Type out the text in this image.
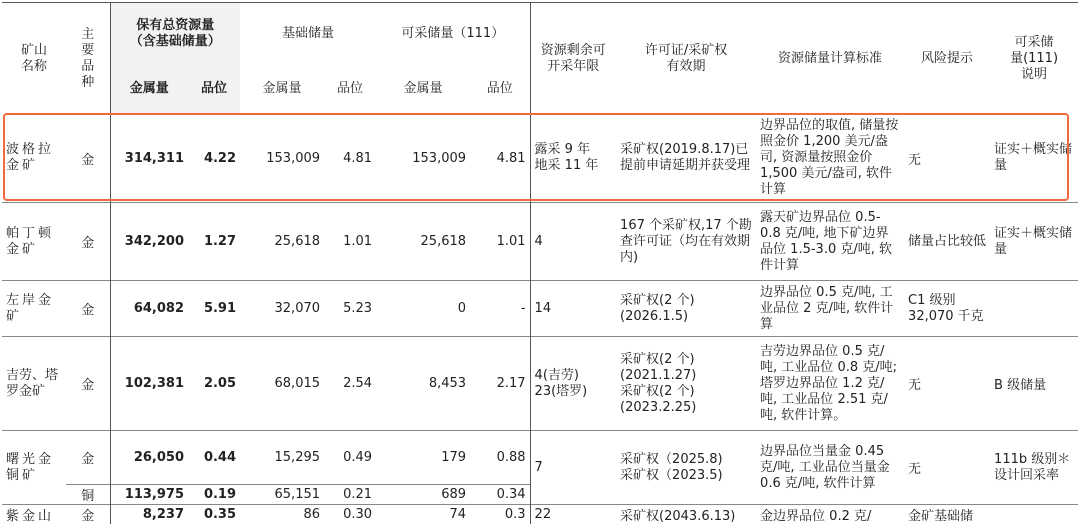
矿山
名称	主
要
品
种	保有总资源量
（含基础储量）		基础储量		可采储量（111）		资源剩余可
开采年限	许可证/采矿权
有效期	资源储量计算标准	风险提示	可采储
量(111)
说明
		金属量	品位	金属量	品位	金属量	品位					
波格拉
金矿	金	314,311	4.22	153,009	4.81	153,009	4.81	露采 9 年
地采 11 年	采矿权(2019.8.17)已提前申请延期并获受理	边界品位的取值, 储量按照金价 1,200 美元/盎司, 资源量按照金价 1,500 美元/盎司, 软件计算	无	证实＋概实储量
帕丁顿
金矿	金	342,200	1.27	25,618	1.01	25,618	1.01	4	167 个采矿权,17 个勘查许可证（均在有效期内)	露天矿边界品位 0.5-0.8 克/吨, 地下矿边界品位 1.5-3.0 克/吨, 软件计算	储量占比较低	证实＋概实储量
左岸金
矿	金	64,082	5.91	32,070	5.23	0	-	14	采矿权(2 个)
(2026.1.5)	边界品位 0.5 克/吨, 工业品位 2 克/吨, 软件计算	C1 级别 32,070 千克	
吉劳、塔
罗金矿	金	102,381	2.05	68,015	2.54	8,453	2.17	4(吉劳)
23(塔罗)	采矿权(2 个)
(2021.1.27)
采矿权(2 个)
(2023.2.25)	吉劳边界品位 0.5 克/吨, 工业品位 0.8 克/吨; 塔罗边界品位 1.2 克/吨, 工业品位 2.51 克/吨, 软件计算。	无	B 级储量
曙光金
铜矿	金	26,050	0.44	15,295	0.49	179	0.88	7	采矿权（2025.8)
采矿权（2023.5)	边界品位当量金 0.45 克/吨, 工业品位当量金 0.6 克/吨, 软件计算	无	111b 级别＊设计回采率
	铜	113,975	0.19	65,151	0.21	689	0.34					
紫金山	金	8,237	0.35	86	0.30	74	0.3	22	采矿权(2043.6.13)	金边界品位 0.2 克/	金矿基础储	
